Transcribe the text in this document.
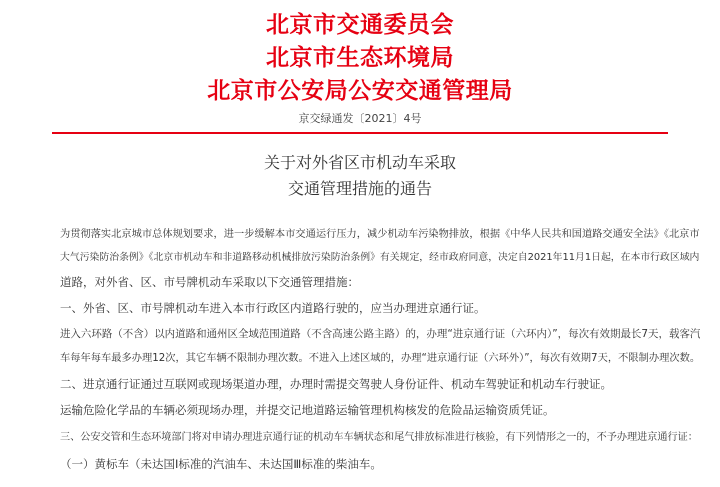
北京市交通委员会
北京市生态环境局
北京市公安局公安交通管理局
京交绿通发〔2021〕4号
关于对外省区市机动车采取
交通管理措施的通告
为贯彻落实北京城市总体规划要求，进一步缓解本市交通运行压力，减少机动车污染物排放，根据《中华人民共和国道路交通安全法》《北京市
大气污染防治条例》《北京市机动车和非道路移动机械排放污染防治条例》有关规定，经市政府同意，决定自2021年11月1日起，在本市行政区域内
道路，对外省、区、市号牌机动车采取以下交通管理措施：
一、外省、区、市号牌机动车进入本市行政区内道路行驶的，应当办理进京通行证。
进入六环路（不含）以内道路和通州区全域范围道路（不含高速公路主路）的，办理“进京通行证（六环内）”，每次有效期最长7天，载客汽
车每年每车最多办理12次，其它车辆不限制办理次数。不进入上述区域的，办理“进京通行证（六环外）”，每次有效期7天，不限制办理次数。
二、进京通行证通过互联网或现场渠道办理，办理时需提交驾驶人身份证件、机动车驾驶证和机动车行驶证。
运输危险化学品的车辆必须现场办理，并提交记地道路运输管理机构核发的危险品运输资质凭证。
三、公安交管和生态环境部门将对申请办理进京通行证的机动车车辆状态和尾气排放标准进行核验，有下列情形之一的，不予办理进京通行证：
（一）黄标车（未达国Ⅰ标准的汽油车、未达国Ⅲ标准的柴油车。
